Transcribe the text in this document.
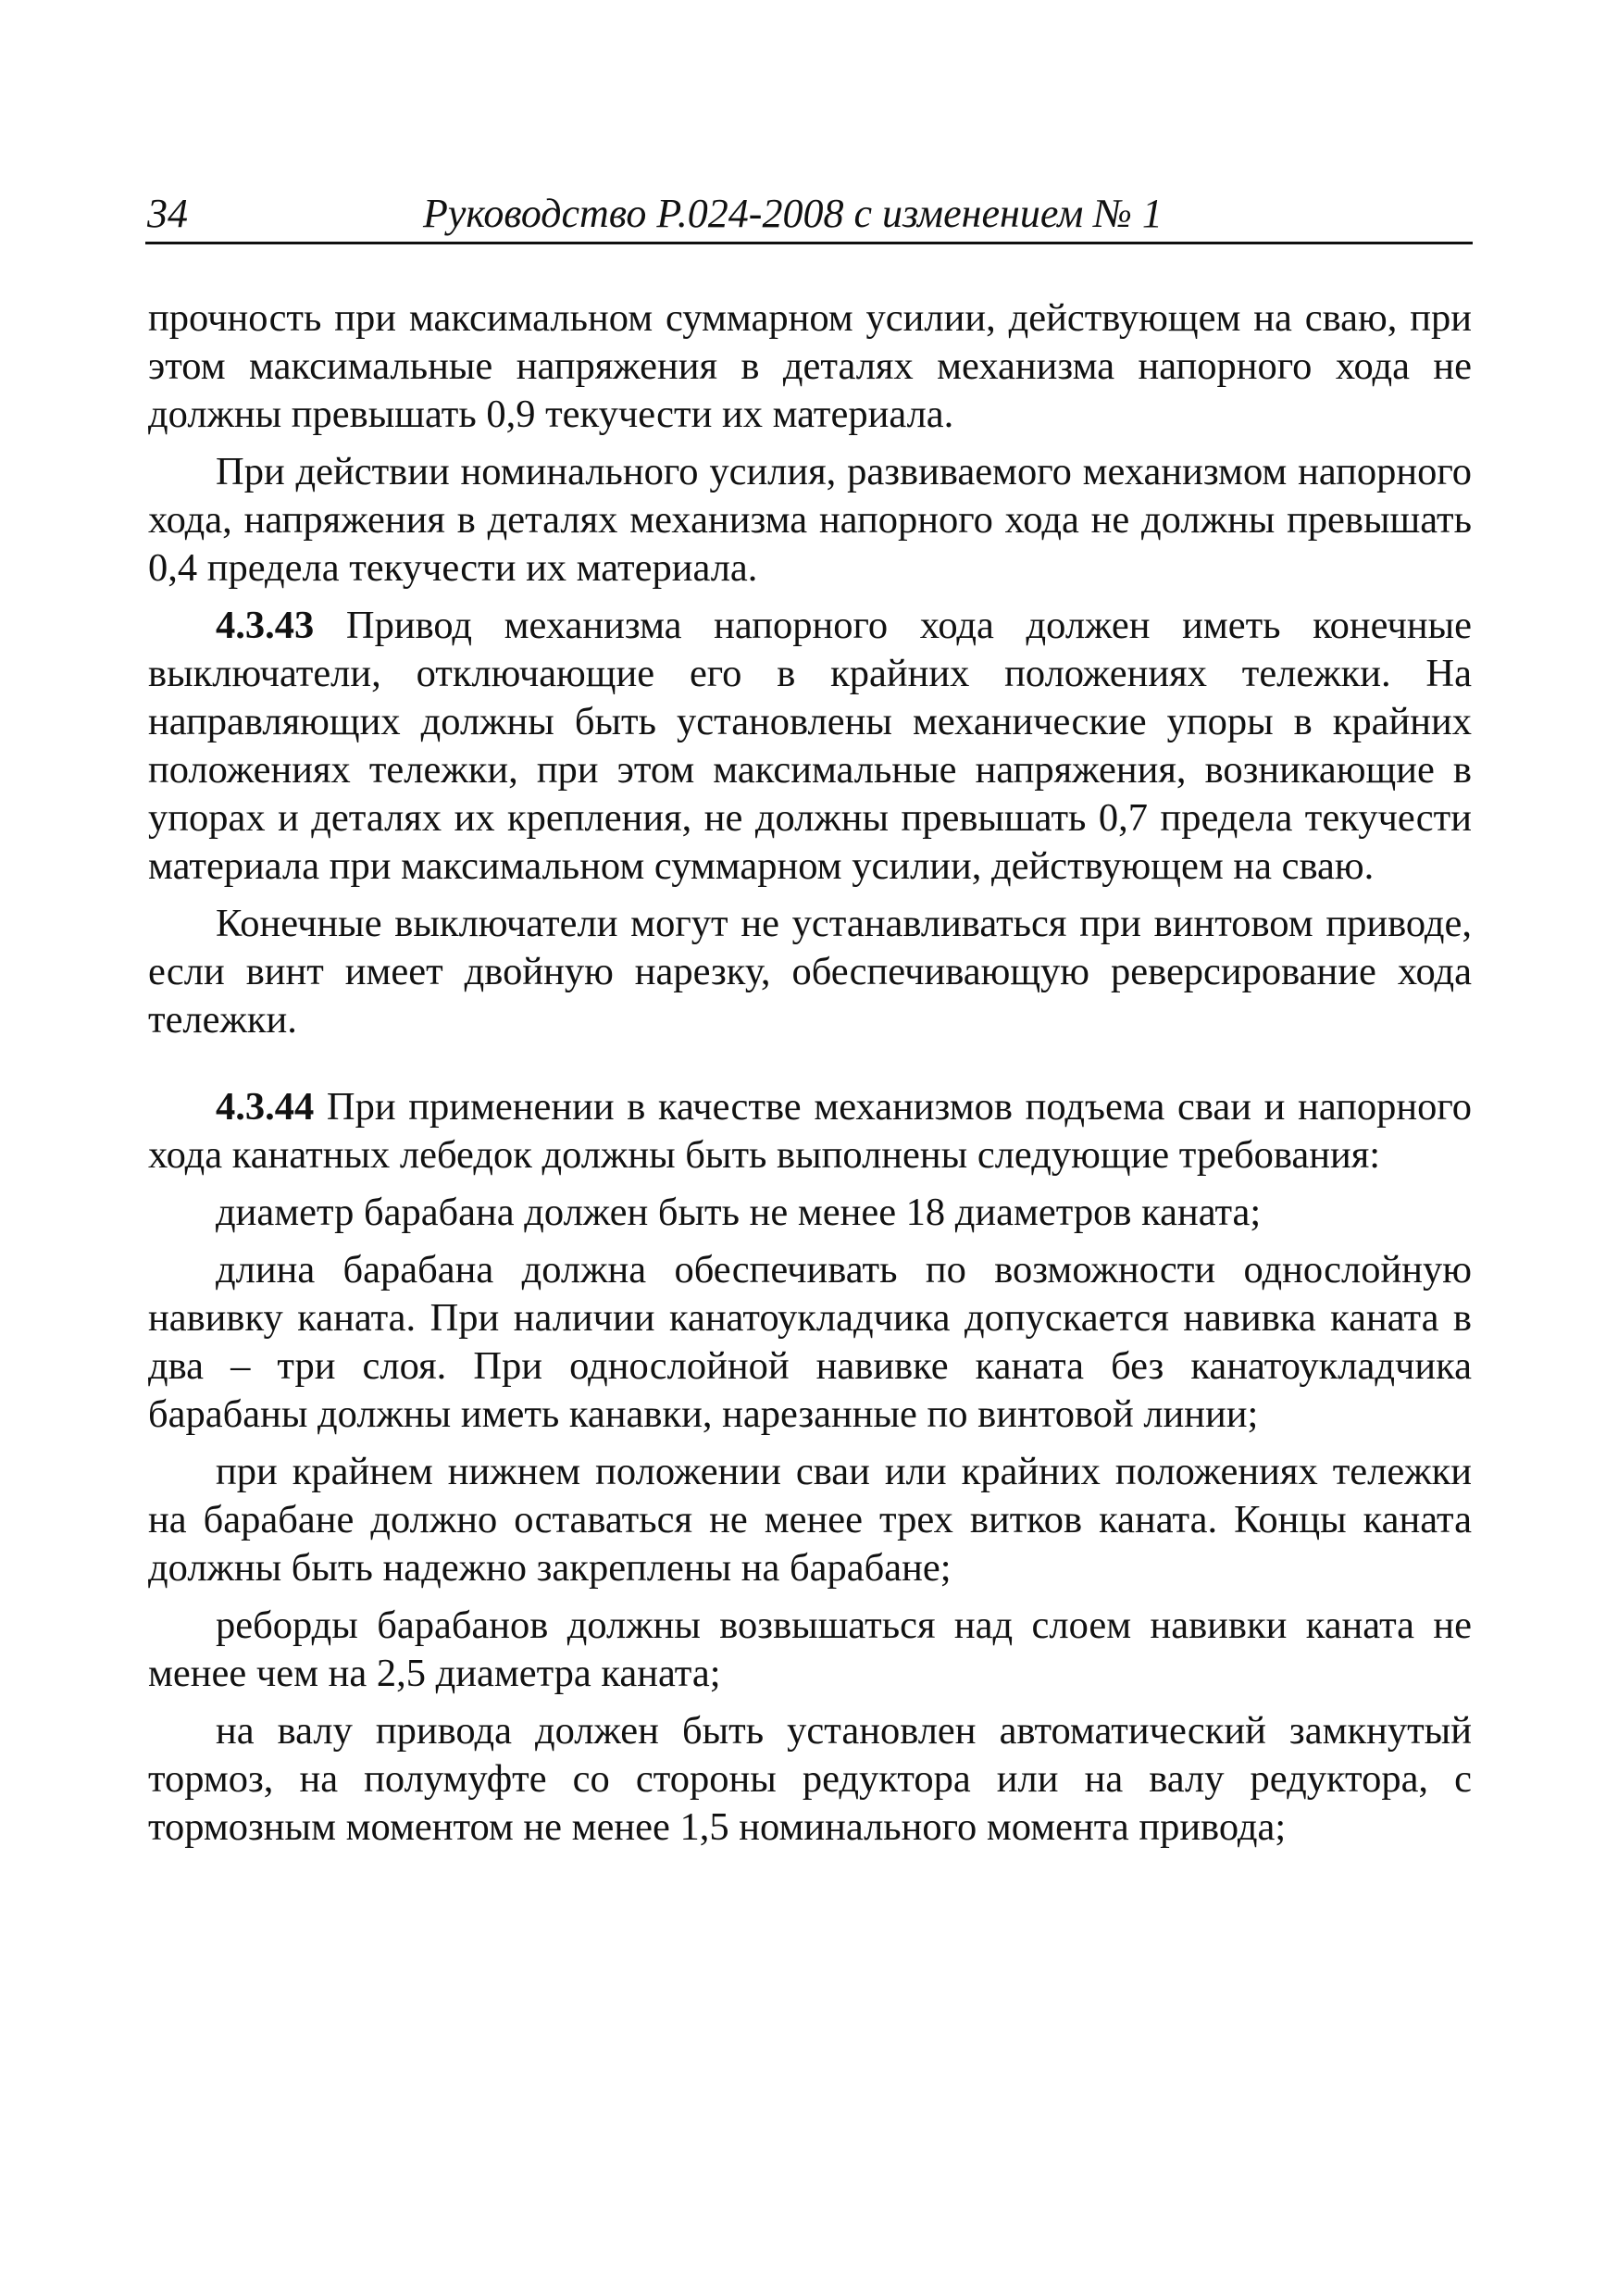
34	Руководство Р.024-2008 с изменением № 1

прочность при максимальном суммарном усилии, действующем на сваю, при этом максимальные напряжения в деталях механизма напорного хода не должны превышать 0,9 текучести их материала.

При действии номинального усилия, развиваемого механизмом напорного хода, напряжения в деталях механизма напорного хода не должны превышать 0,4 предела текучести их материала.

4.3.43 Привод механизма напорного хода должен иметь конечные выключатели, отключающие его в крайних положениях тележки. На направляющих должны быть установлены механические упоры в крайних положениях тележки, при этом максимальные напряжения, возникающие в упорах и деталях их крепления, не должны превышать 0,7 предела текучести материала при максимальном суммарном усилии, действующем на сваю.

Конечные выключатели могут не устанавливаться при винтовом приводе, если винт имеет двойную нарезку, обеспечивающую реверсирование хода тележки.

4.3.44 При применении в качестве механизмов подъема сваи и напорного хода канатных лебедок должны быть выполнены следующие требования:

диаметр барабана должен быть не менее 18 диаметров каната;

длина барабана должна обеспечивать по возможности однослойную навивку каната. При наличии канатоукладчика допускается навивка каната в два – три слоя. При однослойной навивке каната без канатоукладчика барабаны должны иметь канавки, нарезанные по винтовой линии;

при крайнем нижнем положении сваи или крайних положениях тележки на барабане должно оставаться не менее трех витков каната. Концы каната должны быть надежно закреплены на барабане;

реборды барабанов должны возвышаться над слоем навивки каната не менее чем на 2,5 диаметра каната;

на валу привода должен быть установлен автоматический замкнутый тормоз, на полумуфте со стороны редуктора или на валу редуктора, с тормозным моментом не менее 1,5 номинального момента привода;
